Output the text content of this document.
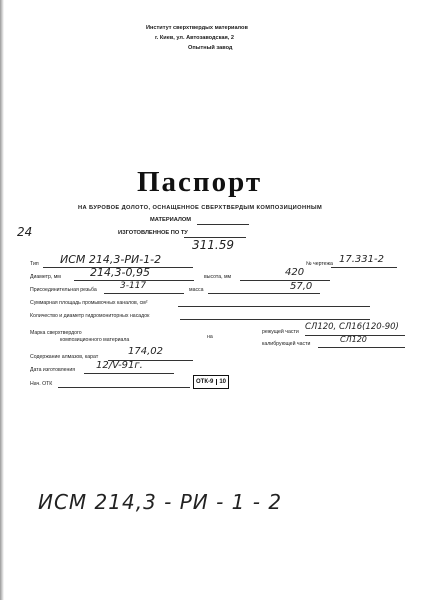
Институт сверхтвердых материалов
г. Киев, ул. Автозаводская, 2
Опытный завод
Паспорт
НА БУРОВОЕ ДОЛОТО, ОСНАЩЕННОЕ СВЕРХТВЕРДЫМ КОМПОЗИЦИОННЫМ
МАТЕРИАЛОМ
ИЗГОТОВЛЕННОЕ ПО ТУ
311.59
24
Тип ИСМ 214,3-РИ-1-2	№ чертежа 17.331-2
Диаметр, мм	214,3-0,95	высота, мм	420
Присоединительная резьба	3-117	масса	57,0
Суммарная площадь промывочных каналов, см²
Количество и диаметр гидромониторных насадок
Марка сверхтвердого
композиционного материала	на
режущей части СЛ120, СЛ16(120-90)
калибрующей части	СЛ120
Содержание алмазов, карат	174,02
Дата изготовления 12/V-91г.
Нач. ОТК	ОТК-9	10
ИСМ 214,3 - РИ - 1 - 2
